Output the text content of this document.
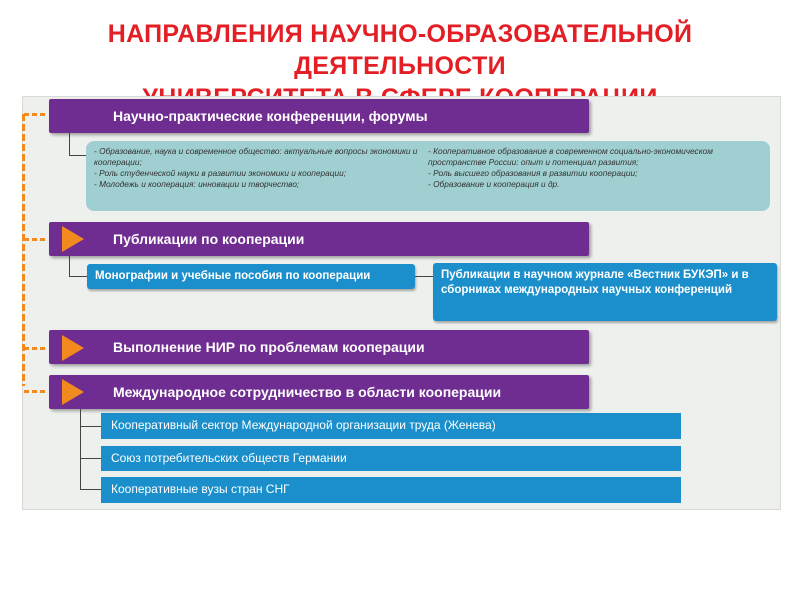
НАПРАВЛЕНИЯ НАУЧНО-ОБРАЗОВАТЕЛЬНОЙ
ДЕЯТЕЛЬНОСТИ

Научно-практические конференции, форумы
- Образование, наука и современное общество: актуальные вопросы экономики и кооперации;
- Роль студенческой науки в развитии экономики и кооперации;
- Молодежь и кооперация: инновации и творчество;
- Кооперативное образование в современном социально-экономическом пространстве России: опыт и потенциал развития;
- Роль высшего образования в развитии кооперации;
- Образование и кооперация и др.
Публикации по кооперации
Монографии и учебные пособия по кооперации	Публикации в научном журнале «Вестник БУКЭП» и в сборниках международных научных конференций
Выполнение НИР по проблемам кооперации
Международное сотрудничество в области кооперации
Кооперативный сектор Международной организации труда (Женева)
Союз потребительских обществ Германии
Кооперативные вузы стран СНГ
